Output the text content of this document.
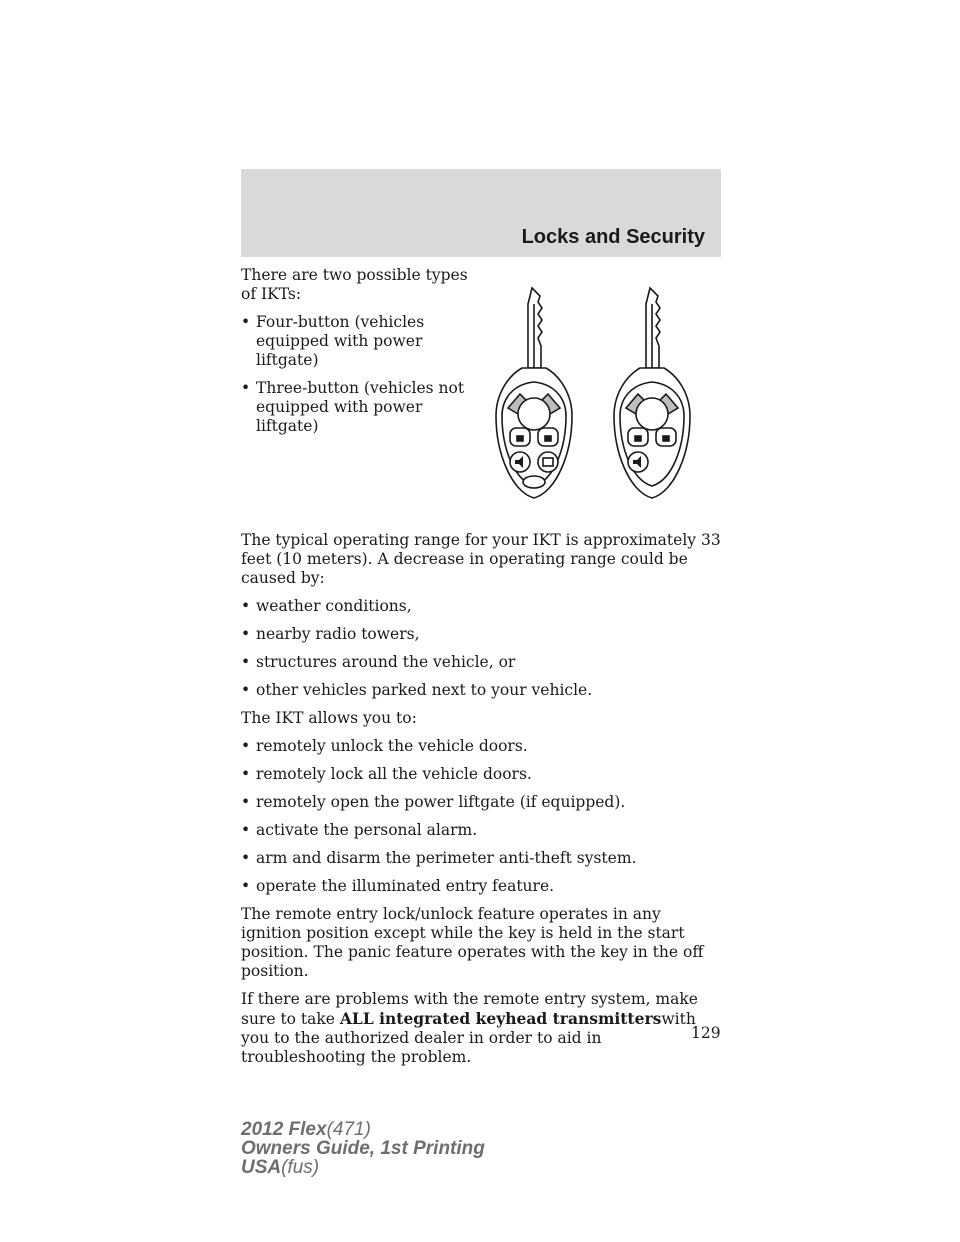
Locks and Security

There are two possible types of IKTs:

• Four-button (vehicles equipped with power liftgate)

• Three-button (vehicles not equipped with power liftgate)

The typical operating range for your IKT is approximately 33 feet (10 meters). A decrease in operating range could be caused by:

• weather conditions,

• nearby radio towers,

• structures around the vehicle, or

• other vehicles parked next to your vehicle.

The IKT allows you to:

• remotely unlock the vehicle doors.

• remotely lock all the vehicle doors.

• remotely open the power liftgate (if equipped).

• activate the personal alarm.

• arm and disarm the perimeter anti-theft system.

• operate the illuminated entry feature.

The remote entry lock/unlock feature operates in any ignition position except while the key is held in the start position. The panic feature operates with the key in the off position.

If there are problems with the remote entry system, make sure to take ALL integrated keyhead transmitterswith you to the authorized dealer in order to aid in troubleshooting the problem.

129
2012 Flex(471)
Owners Guide, 1st Printing
USA(fus)
